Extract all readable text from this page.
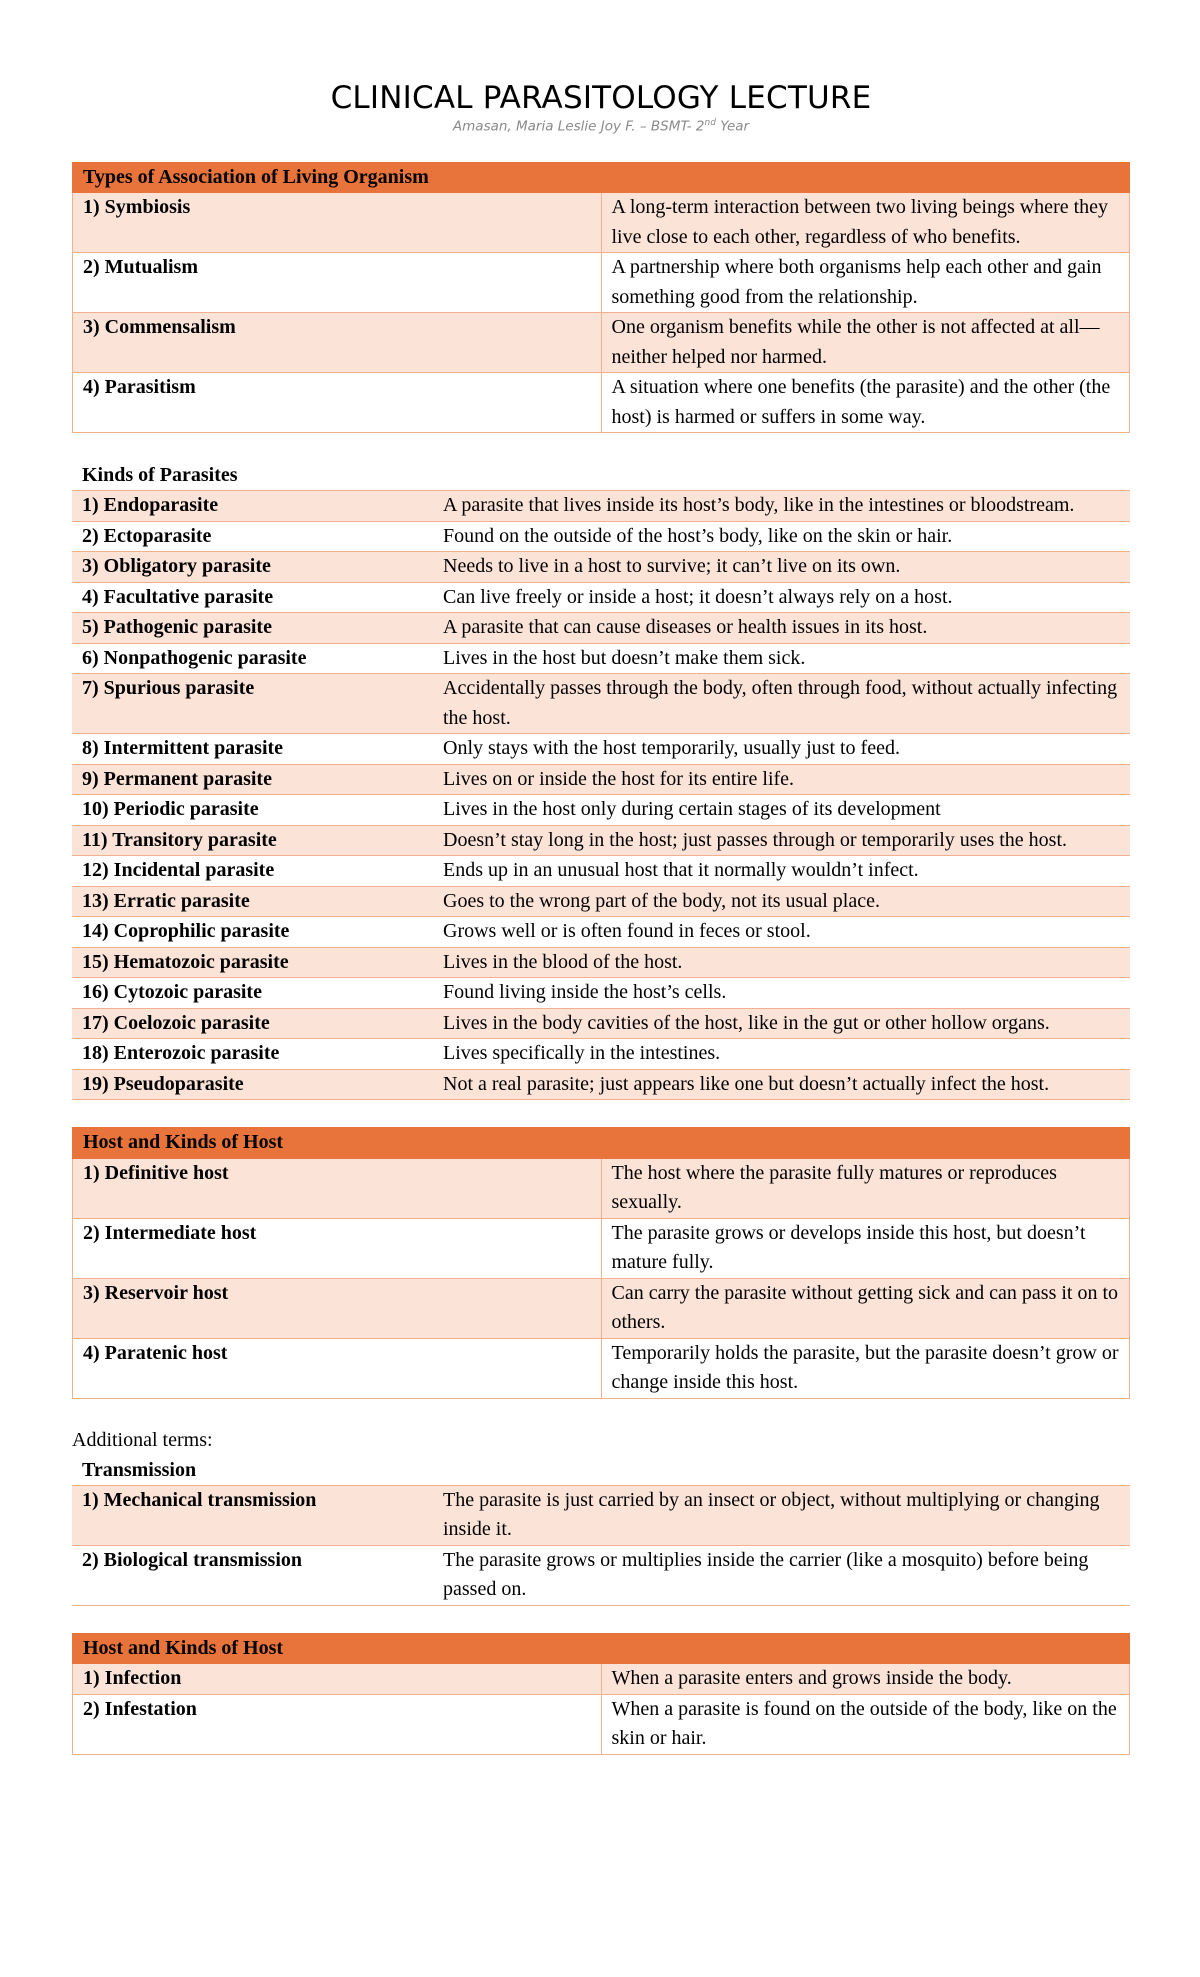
CLINICAL PARASITOLOGY LECTURE
Amasan, Maria Leslie Joy F. – BSMT- 2nd Year
Types of Association of Living Organism	
1) Symbiosis	A long-term interaction between two living beings where they live close to each other, regardless of who benefits.
2) Mutualism	A partnership where both organisms help each other and gain something good from the relationship.
3) Commensalism	One organism benefits while the other is not affected at all—neither helped nor harmed.
4) Parasitism	A situation where one benefits (the parasite) and the other (the host) is harmed or suffers in some way.
Kinds of Parasites
1) Endoparasite	A parasite that lives inside its host’s body, like in the intestines or bloodstream.
2) Ectoparasite	Found on the outside of the host’s body, like on the skin or hair.
3) Obligatory parasite	Needs to live in a host to survive; it can’t live on its own.
4) Facultative parasite	Can live freely or inside a host; it doesn’t always rely on a host.
5) Pathogenic parasite	A parasite that can cause diseases or health issues in its host.
6) Nonpathogenic parasite	Lives in the host but doesn’t make them sick.
7) Spurious parasite	Accidentally passes through the body, often through food, without actually infecting the host.
8) Intermittent parasite	Only stays with the host temporarily, usually just to feed.
9) Permanent parasite	Lives on or inside the host for its entire life.
10) Periodic parasite	Lives in the host only during certain stages of its development
11) Transitory parasite	Doesn’t stay long in the host; just passes through or temporarily uses the host.
12) Incidental parasite	Ends up in an unusual host that it normally wouldn’t infect.
13) Erratic parasite	Goes to the wrong part of the body, not its usual place.
14) Coprophilic parasite	Grows well or is often found in feces or stool.
15) Hematozoic parasite	Lives in the blood of the host.
16) Cytozoic parasite	Found living inside the host’s cells.
17) Coelozoic parasite	Lives in the body cavities of the host, like in the gut or other hollow organs.
18) Enterozoic parasite	Lives specifically in the intestines.
19) Pseudoparasite	Not a real parasite; just appears like one but doesn’t actually infect the host.
Host and Kinds of Host	
1) Definitive host	The host where the parasite fully matures or reproduces sexually.
2) Intermediate host	The parasite grows or develops inside this host, but doesn’t mature fully.
3) Reservoir host	Can carry the parasite without getting sick and can pass it on to others.
4) Paratenic host	Temporarily holds the parasite, but the parasite doesn’t grow or change inside this host.
Additional terms:
Transmission
1) Mechanical transmission	The parasite is just carried by an insect or object, without multiplying or changing inside it.
2) Biological transmission	The parasite grows or multiplies inside the carrier (like a mosquito) before being passed on.
Host and Kinds of Host	
1) Infection	When a parasite enters and grows inside the body.
2) Infestation	When a parasite is found on the outside of the body, like on the skin or hair.
